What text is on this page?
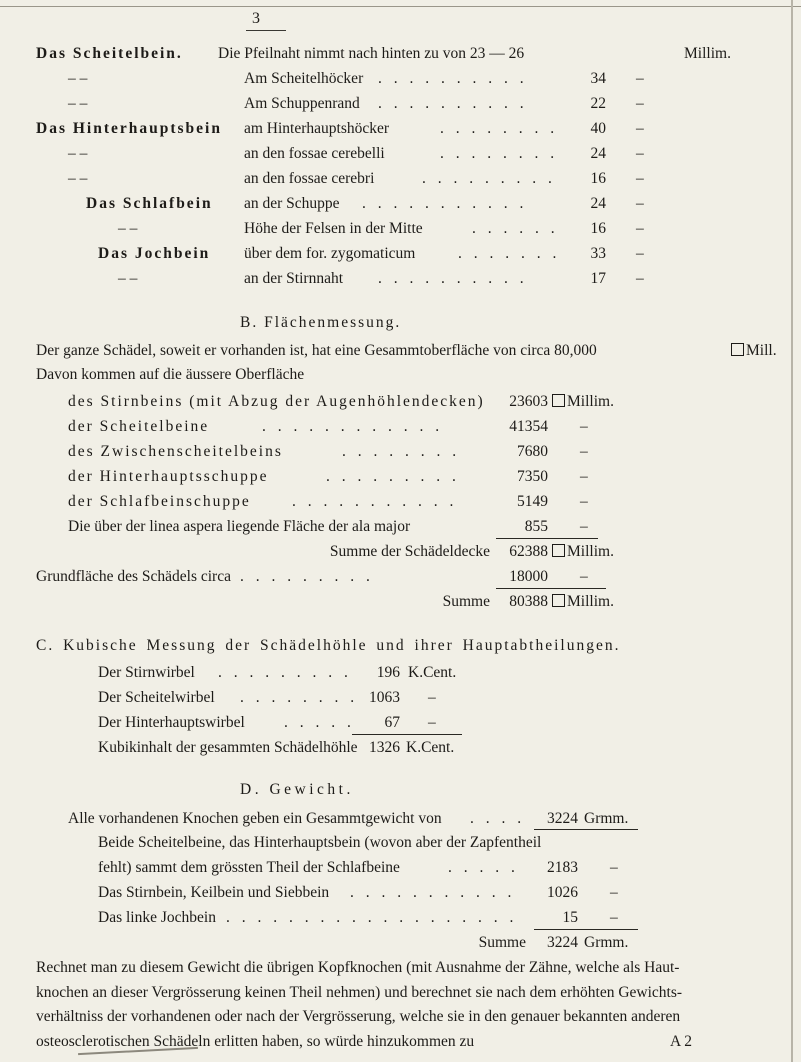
3
Das Scheitelbein. Die Pfeilnaht nimmt nach hinten zu von 23 — 26	Millim.
– –	Am Scheitelhöcker . . . . . . . . . .	34 –
– –	Am Schuppenrand . . . . . . . . . .	22 –
Das Hinterhauptsbein am Hinterhauptshöcker	. . . . . . . .	40 –
– –	an den fossae cerebelli	. . . . . . . .	24 –
– –	an den fossae cerebri	. . . . . . . . .	16 –
Das Schlafbein an der Schuppe . . . . . . . . . . .	24 –
– –	Höhe der Felsen in der Mitte	. . . . . .	16 –
Das Jochbein über dem for. zygomaticum	. . . . . . .	33 –
– –	an der Stirnnaht . . . . . . . . . .	17 –
B. Flächenmessung.
Der ganze Schädel, soweit er vorhanden ist, hat eine Gesammtoberfläche von circa 80,000	Mill.
Davon kommen auf die äussere Oberfläche
des Stirnbeins (mit Abzug der Augenhöhlendecken)	23603	Millim.
der Scheitelbeine	. . . . . . . . . . . .	41354 –
des Zwischenscheitelbeins	. . . . . . . .	7680 –
der Hinterhauptsschuppe	. . . . . . . . .	7350 –
der Schlafbeinschuppe	. . . . . . . . . . .	5149 –
Die über der linea aspera liegende Fläche der ala major	855 –
Summe der Schädeldecke	62388	Millim.
Grundfläche des Schädels circa . . . . . . . . .	18000 –
Summe	80388	Millim.
C. Kubische Messung der Schädelhöhle und ihrer Hauptabtheilungen.
Der Stirnwirbel . . . . . . . . .	196 K.Cent.
Der Scheitelwirbel . . . . . . . . 1063 –
Der Hinterhauptswirbel	. . . . .	67 –
Kubikinhalt der gesammten Schädelhöhle 1326 K.Cent.
D. Gewicht.
Alle vorhandenen Knochen geben ein Gesammtgewicht von . . . .	3224 Grmm.
Beide Scheitelbeine, das Hinterhauptsbein (wovon aber der Zapfentheil
fehlt) sammt dem grössten Theil der Schlafbeine	. . . . .	2183 –
Das Stirnbein, Keilbein und Siebbein . . . . . . . . . . .	1026 –
Das linke Jochbein . . . . . . . . . . . . . . . . . . .	15 –
Summe	3224 Grmm.
Rechnet man zu diesem Gewicht die übrigen Kopfknochen (mit Ausnahme der Zähne, welche als Haut-
knochen an dieser Vergrösserung keinen Theil nehmen) und berechnet sie nach dem erhöhten Gewichts-
verhältniss der vorhandenen oder nach der Vergrösserung, welche sie in den genauer bekannten anderen
osteosclerotischen Schädeln erlitten haben, so würde hinzukommen zu	A 2
